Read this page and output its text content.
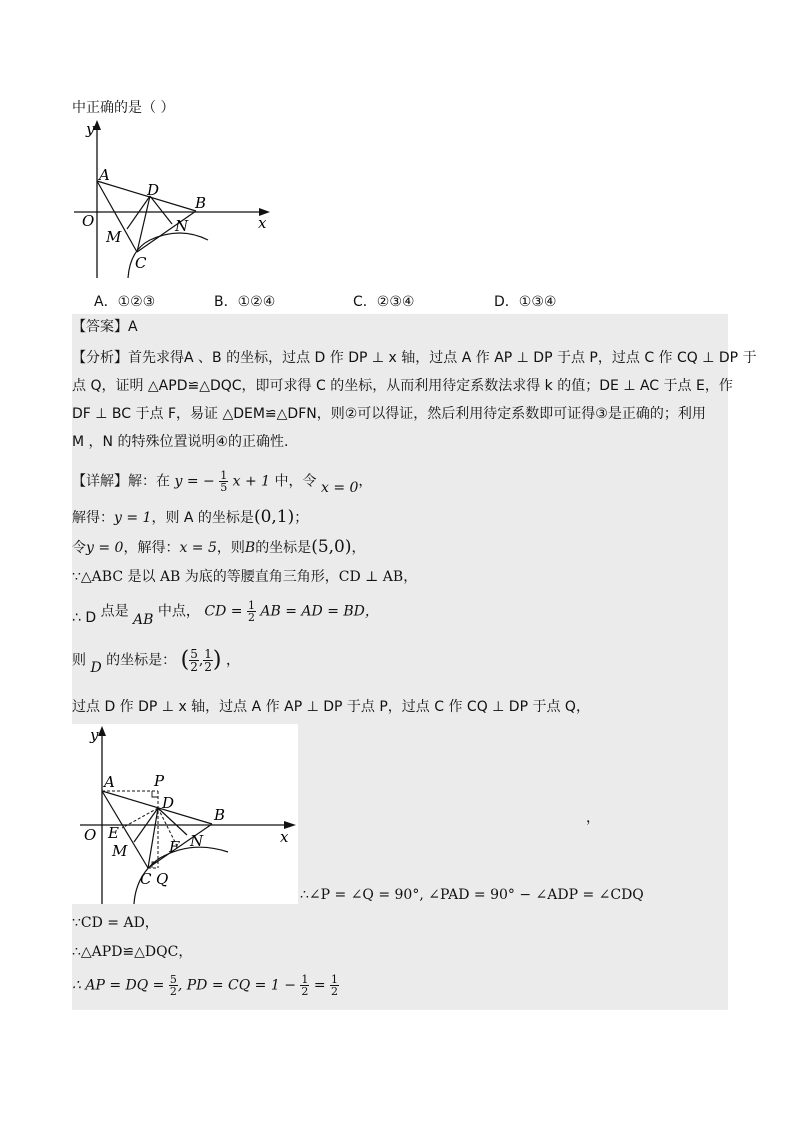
中正确的是（ ）
y
x
O
A
B
C
D
M
N
A．①②③	B．①②④	C．②③④	D．①③④
【答案】A
【分析】首先求得A 、B 的坐标，过点 D 作 DP ⊥ x 轴，过点 A 作 AP ⊥ DP 于点 P，过点 C 作 CQ ⊥ DP 于
点 Q，证明 △APD≌△DQC，即可求得 C 的坐标，从而利用待定系数法求得 k 的值；DE ⊥ AC 于点 E，作
DF ⊥ BC 于点 F，易证 △DEM≌△DFN，则②可以得证，然后利用待定系数即可证得③是正确的；利用
M ，N 的特殊位置说明④的正确性.
【详解】解：在 y = − $\frac{1}{5}$ x + 1 中，令 x = 0，
解得：y = 1，则 A 的坐标是(0,1)；
令y = 0，解得：x = 5，则B的坐标是(5,0)，
∵△ABC 是以 AB 为底的等腰直角三角形，CD ⊥ AB，
∴ D 点是 AB 中点， CD = $\frac{1}{2}$ AB = AD = BD，
则 D 的坐标是： ( $\frac{5}{2}$ , $\frac{1}{2}$ ) ，
过点 D 作 DP ⊥ x 轴，过点 A 作 AP ⊥ DP 于点 P，过点 C 作 CQ ⊥ DP 于点 Q，
y
x
O
A	P
D
B
E
M	F N
C Q
，
∴∠P = ∠Q = 90°, ∠PAD = 90° − ∠ADP = ∠CDQ
∵CD = AD，
∴△APD≌△DQC，
∴ AP = DQ = $\frac{5}{2}$ , PD = CQ = $1 - \frac{1}{2} = \frac{1}{2}$
